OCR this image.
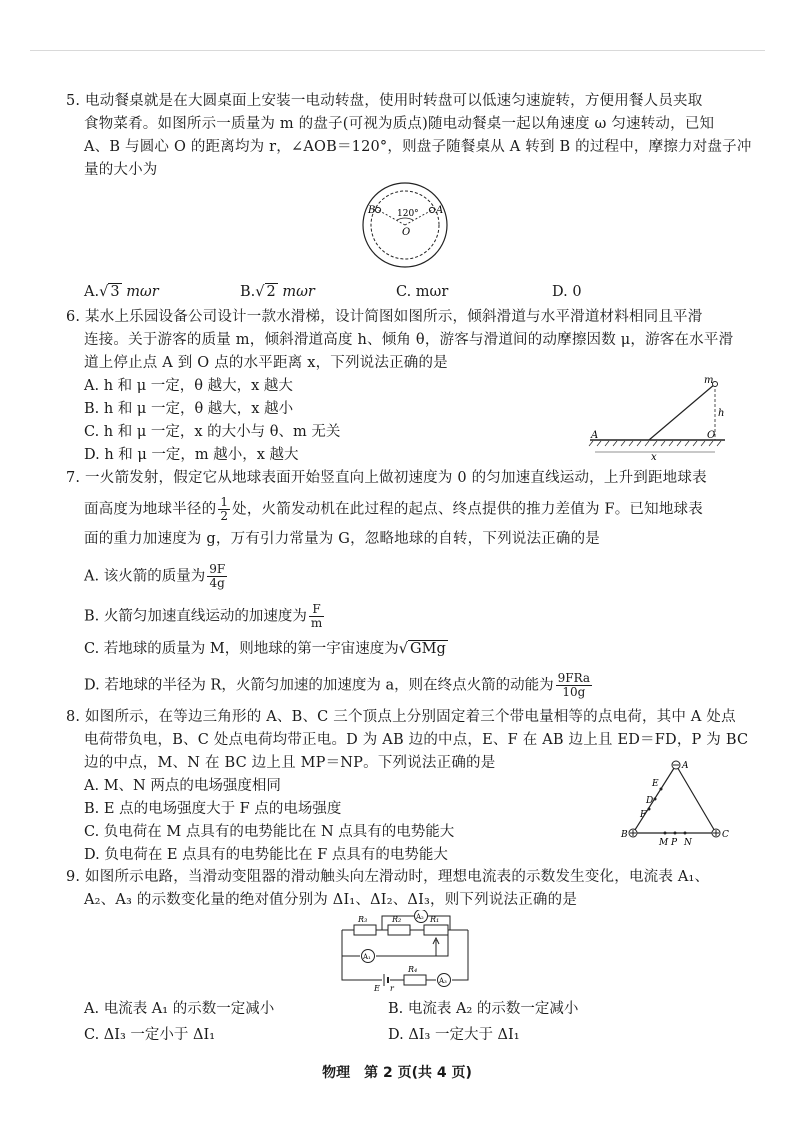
5. 电动餐桌就是在大圆桌面上安装一电动转盘，使用时转盘可以低速匀速旋转，方便用餐人员夹取
食物菜肴。如图所示一质量为 m 的盘子(可视为质点)随电动餐桌一起以角速度 ω 匀速转动，已知
A、B 与圆心 O 的距离均为 r，∠AOB＝120°，则盘子随餐桌从 A 转到 B 的过程中，摩擦力对盘子冲
量的大小为
B	A
120°
O
A.√ 3 mωr	B.√ 2 mωr	C. mωr	D. 0
6. 某水上乐园设备公司设计一款水滑梯，设计简图如图所示，倾斜滑道与水平滑道材料相同且平滑
连接。关于游客的质量 m，倾斜滑道高度 h、倾角 θ，游客与滑道间的动摩擦因数 μ，游客在水平滑
道上停止点 A 到 O 点的水平距离 x，下列说法正确的是
A. h 和 μ 一定，θ 越大，x 越大
B. h 和 μ 一定，θ 越大，x 越小
C. h 和 μ 一定，x 的大小与 θ、m 无关
D. h 和 μ 一定，m 越小，x 越大
m
h
A	O
x
7. 一火箭发射，假定它从地球表面开始竖直向上做初速度为 0 的匀加速直线运动，上升到距地球表
面高度为地球半径的 $\frac{1}{2}$ 处，火箭发动机在此过程的起点、终点提供的推力差值为 F。已知地球表
面的重力加速度为 g，万有引力常量为 G，忽略地球的自转，下列说法正确的是
A. 该火箭的质量为 $\frac{9F}{4g}$
B. 火箭匀加速直线运动的加速度为 $\frac{F}{m}$
C. 若地球的质量为 M，则地球的第一宇宙速度为√ GMg
D. 若地球的半径为 R，火箭匀加速的加速度为 a，则在终点火箭的动能为 $\frac{\text{9FRa}}{10g}$
8. 如图所示，在等边三角形的 A、B、C 三个顶点上分别固定着三个带电量相等的点电荷，其中 A 处点
电荷带负电，B、C 处点电荷均带正电。D 为 AB 边的中点，E、F 在 AB 边上且 ED＝FD，P 为 BC
边的中点，M、N 在 BC 边上且 MP＝NP。下列说法正确的是
A. M、N 两点的电场强度相同
B. E 点的电场强度大于 F 点的电场强度
C. 负电荷在 M 点具有的电势能比在 N 点具有的电势能大
D. 负电荷在 E 点具有的电势能比在 F 点具有的电势能大
A
B	C
E
D
F
M P N
9. 如图所示电路，当滑动变阻器的滑动触头向左滑动时，理想电流表的示数发生变化，电流表 A₁、
A₂、A₃ 的示数变化量的绝对值分别为 ΔI₁、ΔI₂、ΔI₃，则下列说法正确的是
R₃	R₂	R₁
R₄
A₂
A₁
A₃
E r
A. 电流表 A₁ 的示数一定减小	B. 电流表 A₂ 的示数一定减小
C. ΔI₃ 一定小于 ΔI₁	D. ΔI₃ 一定大于 ΔI₁
物理　第 2 页(共 4 页)
